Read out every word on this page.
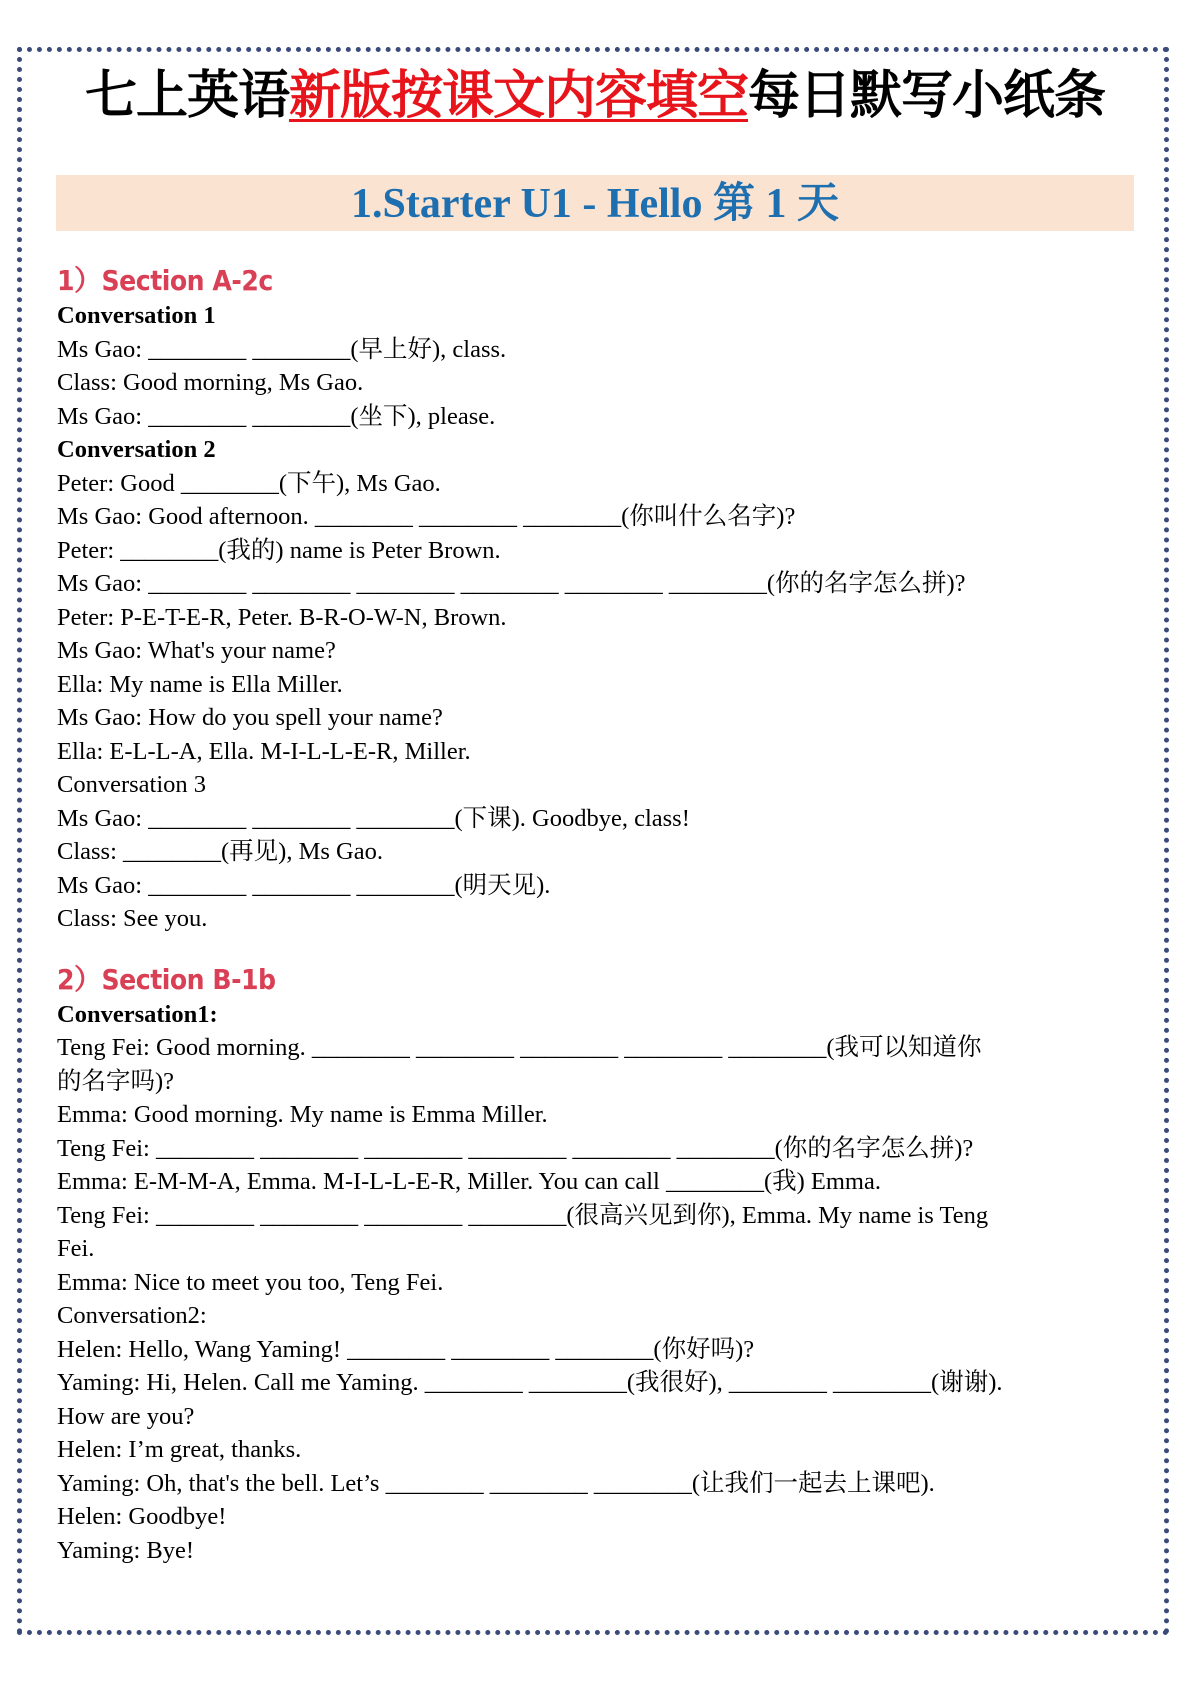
七上英语新版按课文内容填空每日默写小纸条
1.Starter U1 - Hello 第 1 天
1）Section A-2c
Conversation 1
Ms Gao: ________ ________(早上好), class.
Class: Good morning, Ms Gao.
Ms Gao: ________ ________(坐下), please.
Conversation 2
Peter: Good ________(下午), Ms Gao.
Ms Gao: Good afternoon. ________ ________ ________(你叫什么名字)?
Peter: ________(我的) name is Peter Brown.
Ms Gao: ________ ________ ________ ________ ________ ________(你的名字怎么拼)?
Peter: P-E-T-E-R, Peter. B-R-O-W-N, Brown.
Ms Gao: What's your name?
Ella: My name is Ella Miller.
Ms Gao: How do you spell your name?
Ella: E-L-L-A, Ella. M-I-L-L-E-R, Miller.
Conversation 3
Ms Gao: ________ ________ ________(下课). Goodbye, class!
Class: ________(再见), Ms Gao.
Ms Gao: ________ ________ ________(明天见).
Class: See you.
2）Section B-1b
Conversation1:
Teng Fei: Good morning. ________ ________ ________ ________ ________(我可以知道你
的名字吗)?
Emma: Good morning. My name is Emma Miller.
Teng Fei: ________ ________ ________ ________ ________ ________(你的名字怎么拼)?
Emma: E-M-M-A, Emma. M-I-L-L-E-R, Miller. You can call ________(我) Emma.
Teng Fei: ________ ________ ________ ________(很高兴见到你), Emma. My name is Teng
Fei.
Emma: Nice to meet you too, Teng Fei.
Conversation2:
Helen: Hello, Wang Yaming! ________ ________ ________(你好吗)?
Yaming: Hi, Helen. Call me Yaming. ________ ________(我很好), ________ ________(谢谢).
How are you?
Helen: I’m great, thanks.
Yaming: Oh, that's the bell. Let’s ________ ________ ________(让我们一起去上课吧).
Helen: Goodbye!
Yaming: Bye!
